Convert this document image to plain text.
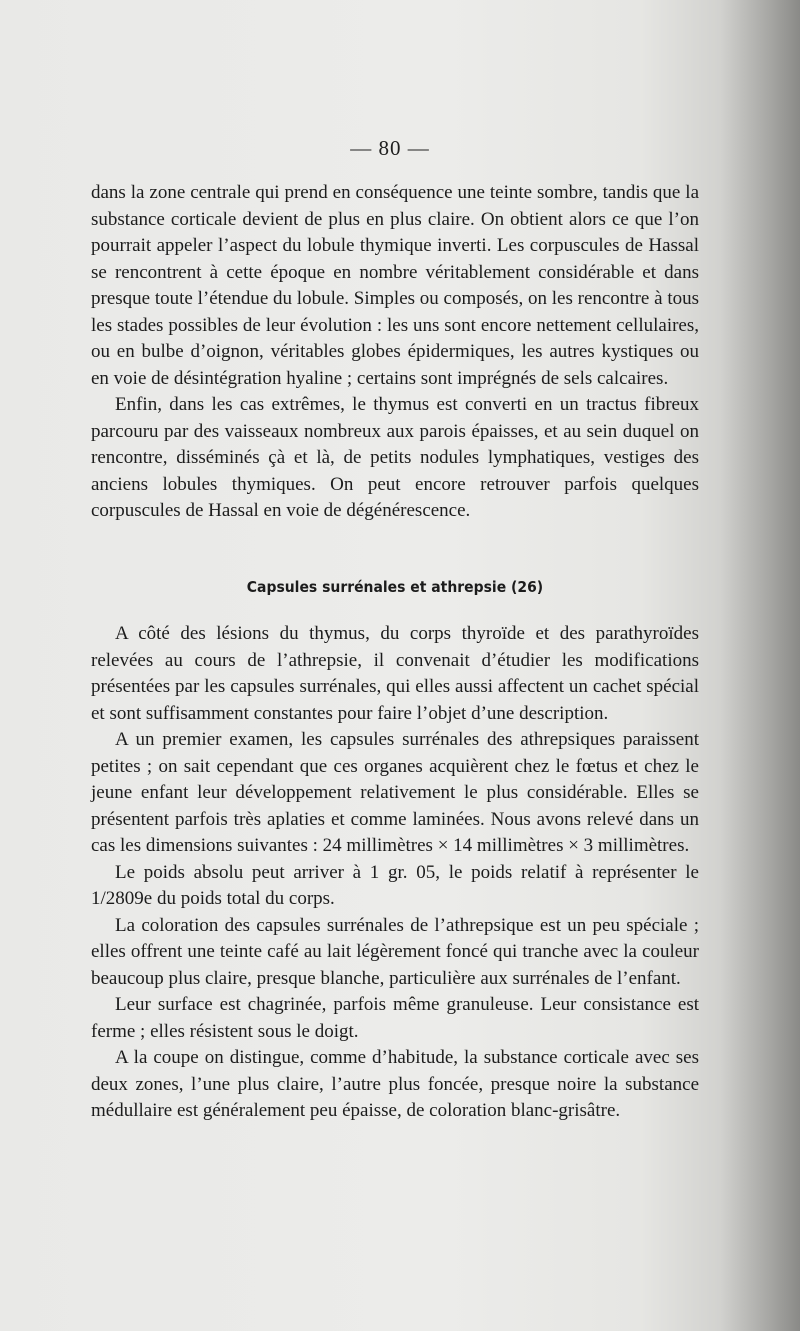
— 80 —

dans la zone centrale qui prend en conséquence une teinte sombre, tandis que la substance corticale devient de plus en plus claire. On obtient alors ce que l’on pourrait appeler l’aspect du lobule thymique inverti. Les corpuscules de Hassal se rencontrent à cette époque en nombre véritablement considérable et dans presque toute l’étendue du lobule. Simples ou composés, on les rencontre à tous les stades possibles de leur évolution : les uns sont encore nettement cellulaires, ou en bulbe d’oignon, véritables globes épidermiques, les autres kystiques ou en voie de désintégration hyaline ; certains sont imprégnés de sels calcaires.

Enfin, dans les cas extrêmes, le thymus est converti en un tractus fibreux parcouru par des vaisseaux nombreux aux parois épaisses, et au sein duquel on rencontre, disséminés çà et là, de petits nodules lymphatiques, vestiges des anciens lobules thymiques. On peut encore retrouver parfois quelques corpuscules de Hassal en voie de dégénérescence.

Capsules surrénales et athrepsie (26)

A côté des lésions du thymus, du corps thyroïde et des parathyroïdes relevées au cours de l’athrepsie, il convenait d’étudier les modifications présentées par les capsules surrénales, qui elles aussi affectent un cachet spécial et sont suffisamment constantes pour faire l’objet d’une description.

A un premier examen, les capsules surrénales des athrepsiques paraissent petites ; on sait cependant que ces organes acquièrent chez le fœtus et chez le jeune enfant leur développement relativement le plus considérable. Elles se présentent parfois très aplaties et comme laminées. Nous avons relevé dans un cas les dimensions suivantes : 24 millimètres × 14 millimètres × 3 millimètres.

Le poids absolu peut arriver à 1 gr. 05, le poids relatif à représenter le 1/2809e du poids total du corps.

La coloration des capsules surrénales de l’athrepsique est un peu spéciale ; elles offrent une teinte café au lait légèrement foncé qui tranche avec la couleur beaucoup plus claire, presque blanche, particulière aux surrénales de l’enfant.

Leur surface est chagrinée, parfois même granuleuse. Leur consistance est ferme ; elles résistent sous le doigt.

A la coupe on distingue, comme d’habitude, la substance corticale avec ses deux zones, l’une plus claire, l’autre plus foncée, presque noire la substance médullaire est généralement peu épaisse, de coloration blanc-grisâtre.
